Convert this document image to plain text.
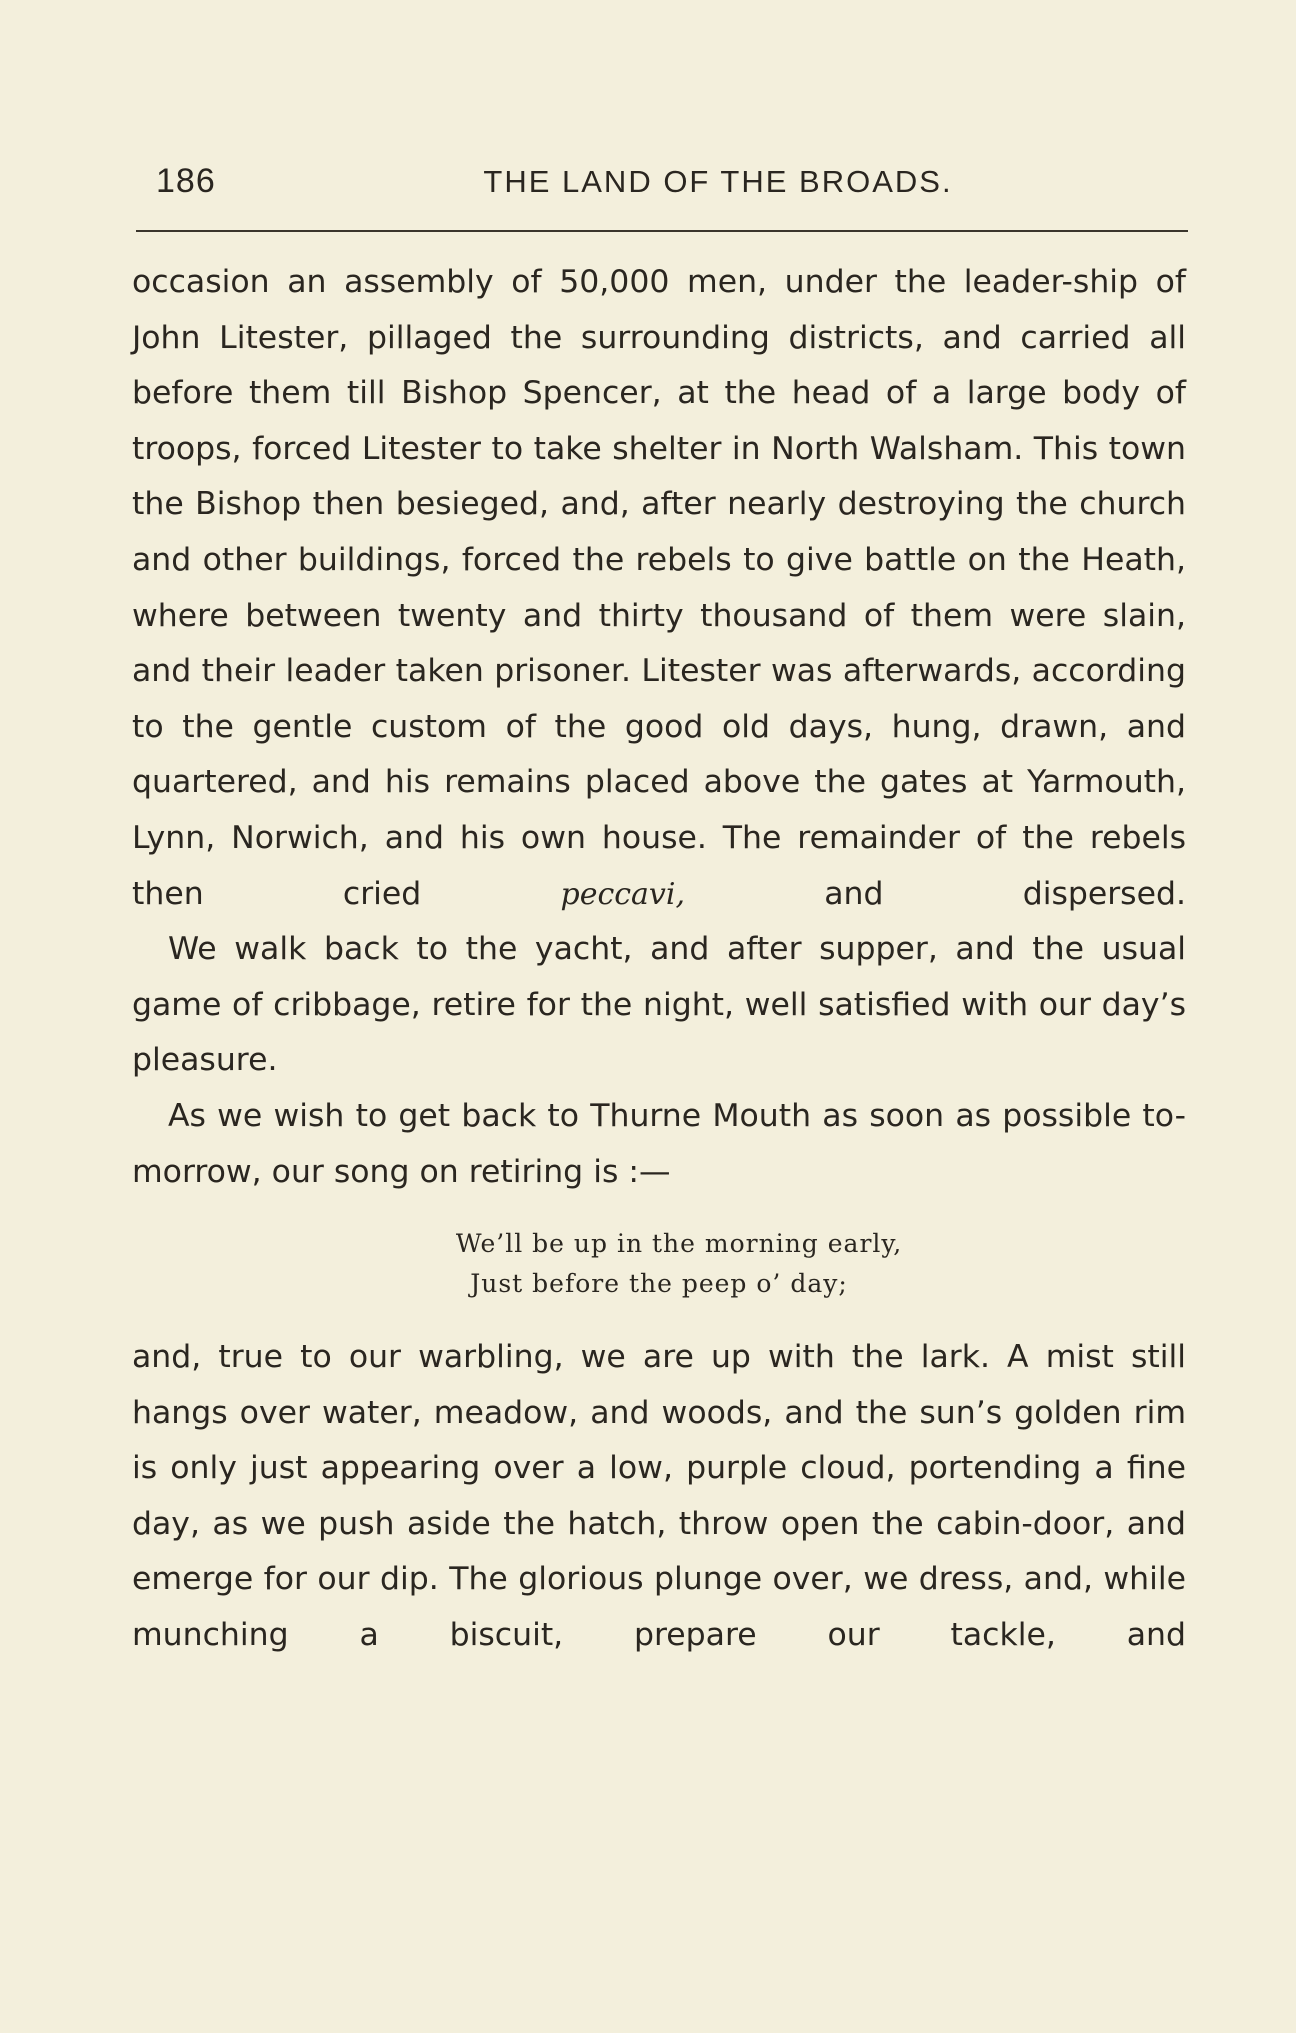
186	THE LAND OF THE BROADS.

occasion an assembly of 50,000 men, under the leader-ship of John Litester, pillaged the surrounding districts, and carried all before them till Bishop Spencer, at the head of a large body of troops, forced Litester to take shelter in North Walsham. This town the Bishop then besieged, and, after nearly destroying the church and other buildings, forced the rebels to give battle on the Heath, where between twenty and thirty thousand of them were slain, and their leader taken prisoner. Litester was afterwards, according to the gentle custom of the good old days, hung, drawn, and quartered, and his remains placed above the gates at Yarmouth, Lynn, Norwich, and his own house. The remainder of the rebels then cried peccavi, and dispersed.

We walk back to the yacht, and after supper, and the usual game of cribbage, retire for the night, well satisfied with our day’s pleasure.

As we wish to get back to Thurne Mouth as soon as possible to-morrow, our song on retiring is :—

We’ll be up in the morning early,
Just before the peep o’ day;

and, true to our warbling, we are up with the lark. A mist still hangs over water, meadow, and woods, and the sun’s golden rim is only just appearing over a low, purple cloud, portending a fine day, as we push aside the hatch, throw open the cabin-door, and emerge for our dip. The glorious plunge over, we dress, and, while munching a biscuit, prepare our tackle, and
